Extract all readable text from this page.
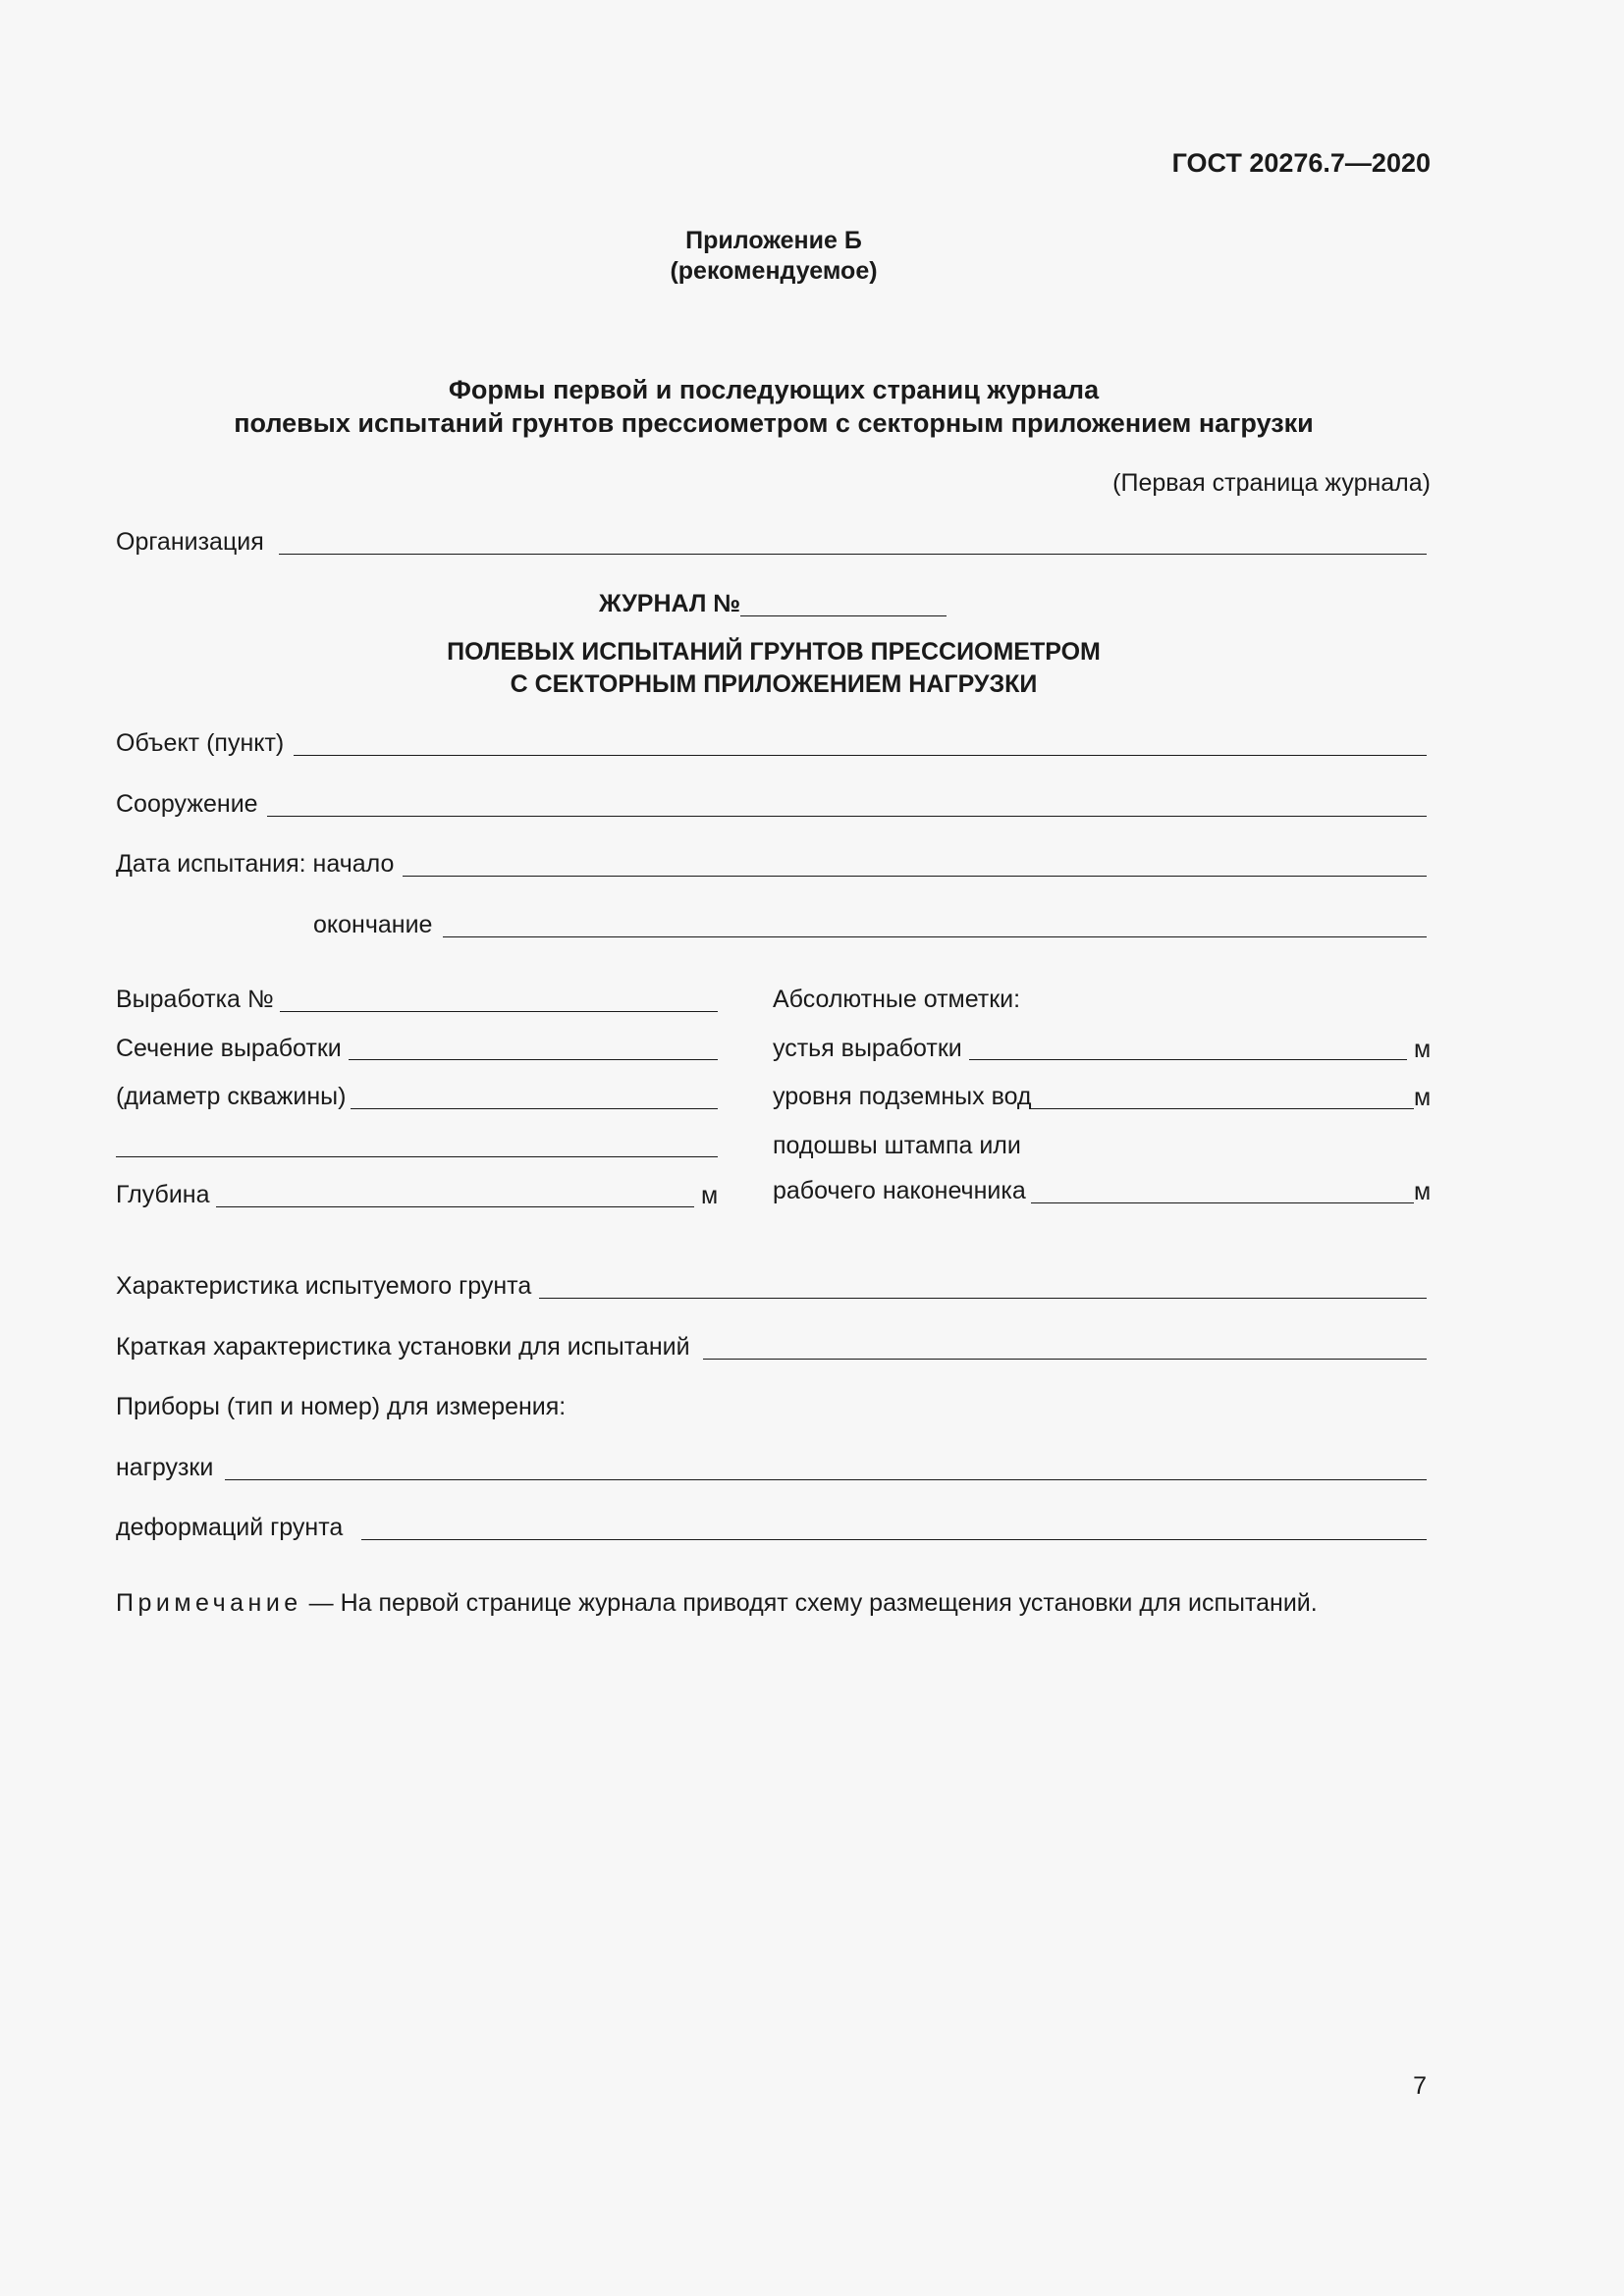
ГОСТ 20276.7—2020
Приложение Б
(рекомендуемое)
Формы первой и последующих страниц журнала
полевых испытаний грунтов прессиометром с секторным приложением нагрузки
(Первая страница журнала)
Организация
ЖУРНАЛ №
ПОЛЕВЫХ ИСПЫТАНИЙ ГРУНТОВ ПРЕССИОМЕТРОМ
С СЕКТОРНЫМ ПРИЛОЖЕНИЕМ НАГРУЗКИ
Объект (пункт)
Сооружение
Дата испытания: начало
окончание
Выработка №
Сечение выработки
(диаметр скважины)
Глубина	м
Абсолютные отметки:
устья выработки	м
уровня подземных вод	м
подошвы штампа или
рабочего наконечника	м
Характеристика испытуемого грунта
Краткая характеристика установки для испытаний
Приборы (тип и номер) для измерения:
нагрузки
деформаций грунта
Примечание — На первой странице журнала приводят схему размещения установки для испытаний.
7
